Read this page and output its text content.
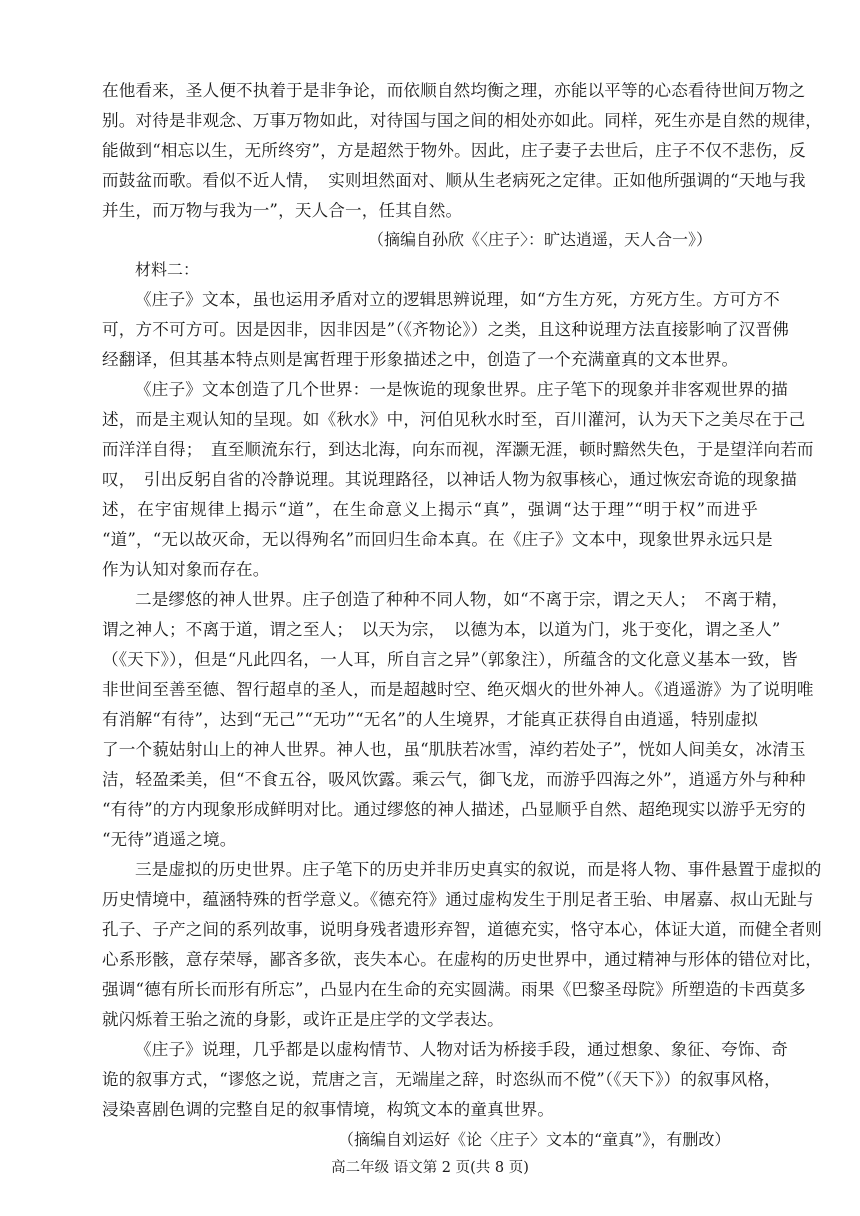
在他看来，圣人便不执着于是非争论，而依顺自然均衡之理，亦能以平等的心态看待世间万物之
别。对待是非观念、万事万物如此，对待国与国之间的相处亦如此。同样，死生亦是自然的规律，
能做到“相忘以生，无所终穷”，方是超然于物外。因此，庄子妻子去世后，庄子不仅不悲伤，反
而鼓盆而歌。看似不近人情，　实则坦然面对、顺从生老病死之定律。正如他所强调的“天地与我
并生，而万物与我为一”，天人合一，任其自然。
（摘编自孙欣《〈庄子〉：旷达逍遥，天人合一》）
材料二：
《庄子》文本，虽也运用矛盾对立的逻辑思辨说理，如“方生方死，方死方生。方可方不
可，方不可方可。因是因非，因非因是”（《齐物论》）之类，且这种说理方法直接影响了汉晋佛
经翻译，但其基本特点则是寓哲理于形象描述之中，创造了一个充满童真的文本世界。
《庄子》文本创造了几个世界：一是恢诡的现象世界。庄子笔下的现象并非客观世界的描
述，而是主观认知的呈现。如《秋水》中，河伯见秋水时至，百川灌河，认为天下之美尽在于己
而洋洋自得；　直至顺流东行，到达北海，向东而视，浑灏无涯，顿时黯然失色，于是望洋向若而
叹，　引出反躬自省的冷静说理。其说理路径，以神话人物为叙事核心，通过恢宏奇诡的现象描
述，在宇宙规律上揭示“道”，在生命意义上揭示“真”，强调“达于理”“明于权”而进乎
“道”，“无以故灭命，无以得殉名”而回归生命本真。在《庄子》文本中，现象世界永远只是
作为认知对象而存在。
二是缪悠的神人世界。庄子创造了种种不同人物，如“不离于宗，谓之天人；　不离于精，
谓之神人；不离于道，谓之至人；　以天为宗，　以德为本，以道为门，兆于变化，谓之圣人”
（《天下》），但是“凡此四名，一人耳，所自言之异”（郭象注），所蕴含的文化意义基本一致，皆
非世间至善至德、智行超卓的圣人，而是超越时空、绝灭烟火的世外神人。《逍遥游》为了说明唯
有消解“有待”，达到“无己”“无功”“无名”的人生境界，才能真正获得自由逍遥，特别虚拟
了一个藐姑射山上的神人世界。神人也，虽“肌肤若冰雪，淖约若处子”，恍如人间美女，冰清玉
洁，轻盈柔美，但“不食五谷，吸风饮露。乘云气，御飞龙，而游乎四海之外”，逍遥方外与种种
“有待”的方内现象形成鲜明对比。通过缪悠的神人描述，凸显顺乎自然、超绝现实以游乎无穷的
“无待”逍遥之境。
三是虚拟的历史世界。庄子笔下的历史并非历史真实的叙说，而是将人物、事件悬置于虚拟的
历史情境中，蕴涵特殊的哲学意义。《德充符》通过虚构发生于刖足者王骀、申屠嘉、叔山无趾与
孔子、子产之间的系列故事，说明身残者遗形弃智，道德充实，恪守本心，体证大道，而健全者则
心系形骸，意存荣辱，鄙吝多欲，丧失本心。在虚构的历史世界中，通过精神与形体的错位对比，
强调“德有所长而形有所忘”，凸显内在生命的充实圆满。雨果《巴黎圣母院》所塑造的卡西莫多
就闪烁着王骀之流的身影，或许正是庄学的文学表达。
《庄子》说理，几乎都是以虚构情节、人物对话为桥接手段，通过想象、象征、夸饰、奇
诡的叙事方式，“谬悠之说，荒唐之言，无端崖之辞，时恣纵而不傥”（《天下》）的叙事风格，
浸染喜剧色调的完整自足的叙事情境，构筑文本的童真世界。
（摘编自刘运好《论〈庄子〉文本的“童真”》，有删改）
高二年级 语文第 2 页(共 8 页)
